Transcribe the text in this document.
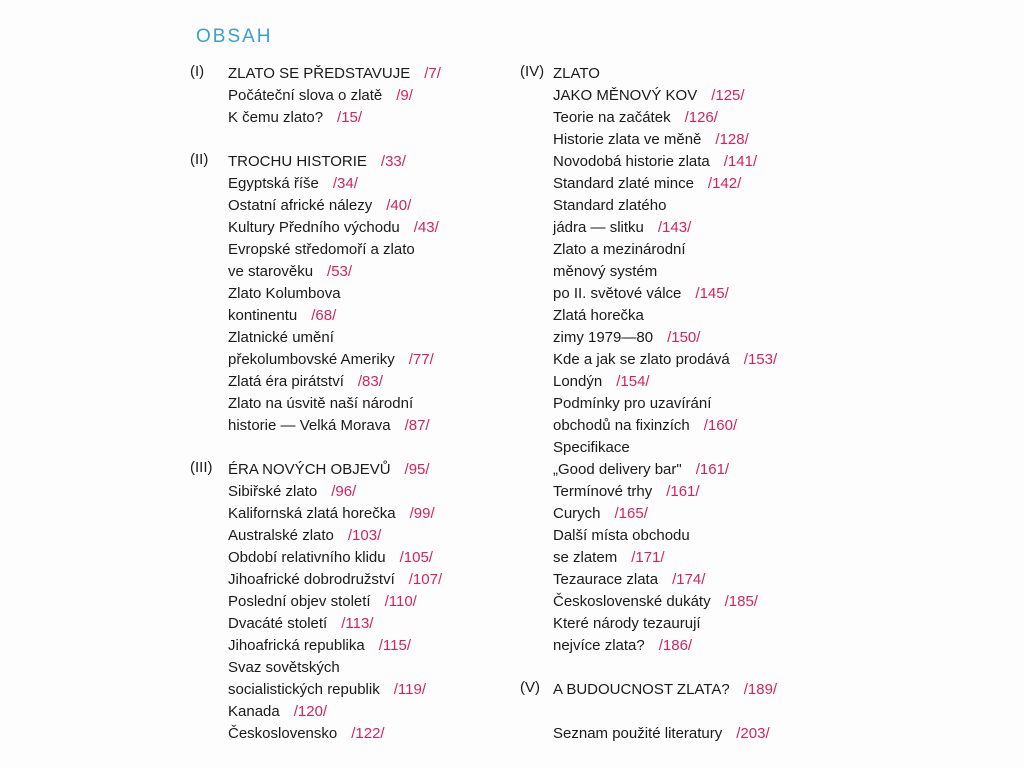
OBSAH
(I) ZLATO SE PŘEDSTAVUJE /7/
Počáteční slova o zlatě /9/
K čemu zlato? /15/
(II) TROCHU HISTORIE /33/
Egyptská říše /34/
Ostatní africké nálezy /40/
Kultury Předního východu /43/
Evropské středomoří a zlato
ve starověku /53/
Zlato Kolumbova
kontinentu /68/
Zlatnické umění
překolumbovské Ameriky /77/
Zlatá éra pirátství /83/
Zlato na úsvitě naší národní
historie — Velká Morava /87/
(III) ÉRA NOVÝCH OBJEVŮ /95/
Sibiřské zlato /96/
Kalifornská zlatá horečka /99/
Australské zlato /103/
Období relativního klidu /105/
Jihoafrické dobrodružství /107/
Poslední objev století /110/
Dvacáté století /113/
Jihoafrická republika /115/
Svaz sovětských
socialistických republik /119/
Kanada /120/
Československo /122/
(IV) ZLATO
JAKO MĚNOVÝ KOV /125/
Teorie na začátek /126/
Historie zlata ve měně /128/
Novodobá historie zlata /141/
Standard zlaté mince /142/
Standard zlatého
jádra — slitku /143/
Zlato a mezinárodní
měnový systém
po II. světové válce /145/
Zlatá horečka
zimy 1979—80 /150/
Kde a jak se zlato prodává /153/
Londýn /154/
Podmínky pro uzavírání
obchodů na fixinzích /160/
Specifikace
„Good delivery bar" /161/
Termínové trhy /161/
Curych /165/
Další místa obchodu
se zlatem /171/
Tezaurace zlata /174/
Československé dukáty /185/
Které národy tezaurují
nejvíce zlata? /186/
(V) A BUDOUCNOST ZLATA? /189/
Seznam použité literatury /203/
